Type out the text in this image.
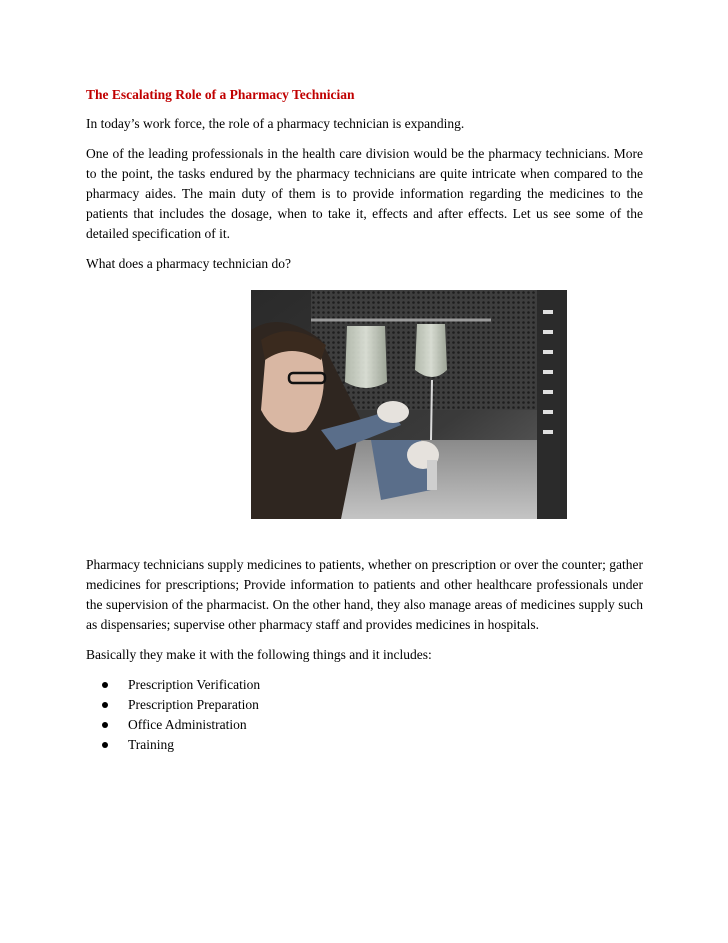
The Escalating Role of a Pharmacy Technician

In today’s work force, the role of a pharmacy technician is expanding.

One of the leading professionals in the health care division would be the pharmacy technicians. More to the point, the tasks endured by the pharmacy technicians are quite intricate when compared to the pharmacy aides. The main duty of them is to provide information regarding the medicines to the patients that includes the dosage, when to take it, effects and after effects. Let us see some of the detailed specification of it.

What does a pharmacy technician do?

Pharmacy technicians supply medicines to patients, whether on prescription or over the counter; gather medicines for prescriptions; Provide information to patients and other healthcare professionals under the supervision of the pharmacist. On the other hand, they also manage areas of medicines supply such as dispensaries; supervise other pharmacy staff and provides medicines in hospitals.

Basically they make it with the following things and it includes:

Prescription Verification
Prescription Preparation
Office Administration
Training
